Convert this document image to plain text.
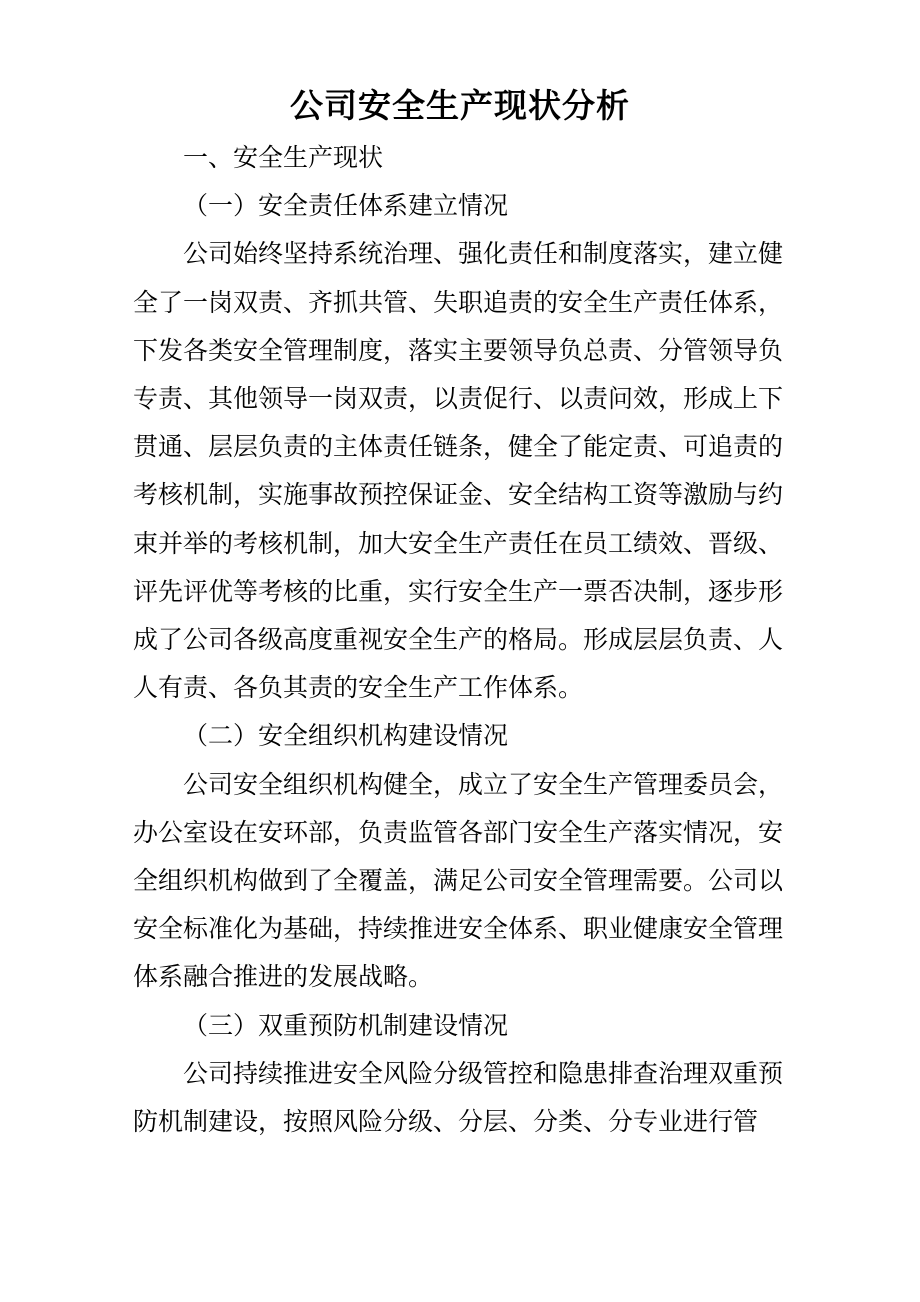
公司安全生产现状分析

一、安全生产现状

（一）安全责任体系建立情况

公司始终坚持系统治理、强化责任和制度落实，建立健全了一岗双责、齐抓共管、失职追责的安全生产责任体系，下发各类安全管理制度，落实主要领导负总责、分管领导负专责、其他领导一岗双责，以责促行、以责问效，形成上下贯通、层层负责的主体责任链条，健全了能定责、可追责的考核机制，实施事故预控保证金、安全结构工资等激励与约束并举的考核机制，加大安全生产责任在员工绩效、晋级、评先评优等考核的比重，实行安全生产一票否决制，逐步形成了公司各级高度重视安全生产的格局。形成层层负责、人人有责、各负其责的安全生产工作体系。

（二）安全组织机构建设情况

公司安全组织机构健全，成立了安全生产管理委员会，办公室设在安环部，负责监管各部门安全生产落实情况，安全组织机构做到了全覆盖，满足公司安全管理需要。公司以安全标准化为基础，持续推进安全体系、职业健康安全管理体系融合推进的发展战略。

（三）双重预防机制建设情况

公司持续推进安全风险分级管控和隐患排查治理双重预防机制建设，按照风险分级、分层、分类、分专业进行管
